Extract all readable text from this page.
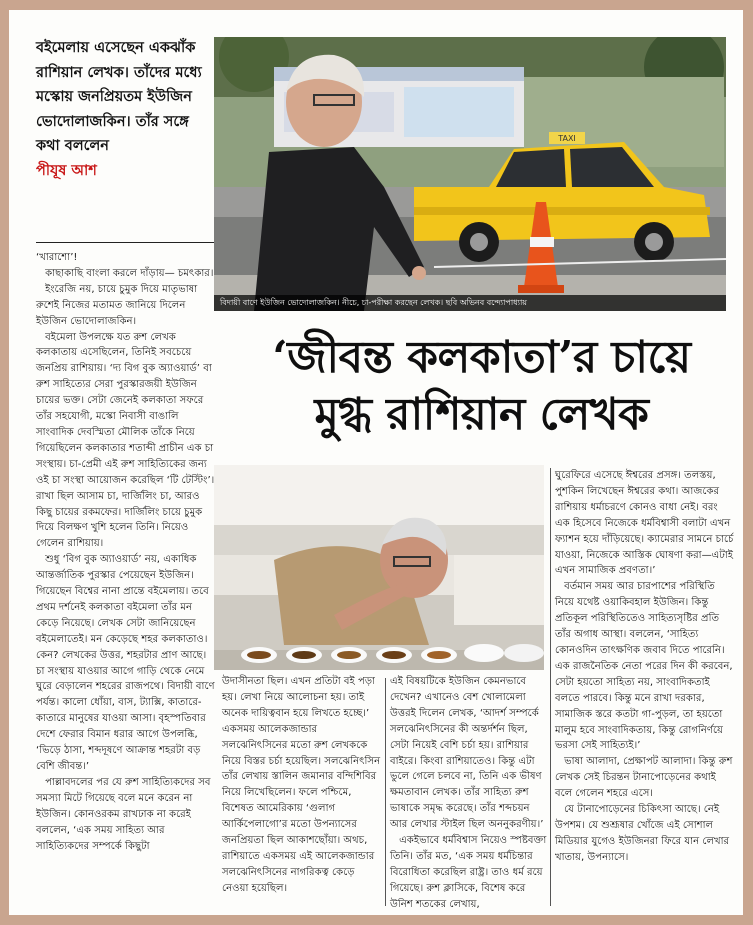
বইমেলায় এসেছেন একঝাঁক রাশিয়ান লেখক। তাঁদের মধ্যে মস্কোয় জনপ্রিয়তম ইউজিন ভোদোলাজকিন। তাঁর সঙ্গে কথা বললেন
পীযূষ আশ

‘খারাশো’!

কাছাকাছি বাংলা করলে দাঁড়ায়— চমৎকার।

ইংরেজি নয়, চায়ে চুমুক দিয়ে মাতৃভাষা রুশেই নিজের মতামত জানিয়ে দিলেন ইউজিন ভোদোলাজকিন।

বইমেলা উপলক্ষে যত রুশ লেখক কলকাতায় এসেছিলেন, তিনিই সবচেয়ে জনপ্রিয় রাশিয়ায়। ‘দ্য বিগ বুক অ্যাওয়ার্ড’ বা রুশ সাহিত্যের সেরা পুরস্কারজয়ী ইউজিন চায়ের ভক্ত। সেটা জেনেই কলকাতা সফরে তাঁর সহযোগী, মস্কো নিবাসী বাঙালি সাংবাদিক দেবস্মিতা মৌলিক তাঁকে নিয়ে গিয়েছিলেন কলকাতার শতাব্দী প্রাচীন এক চা সংস্থায়। চা-প্রেমী এই রুশ সাহিত্যিকের জন্য ওই চা সংস্থা আয়োজন করেছিল ‘টি টেস্টিং’। রাখা ছিল আসাম চা, দার্জিলিং চা, আরও কিছু চায়ের রকমফের। দার্জিলিং চায়ে চুমুক দিয়ে বিলক্ষণ খুশি হলেন তিনি। নিয়েও গেলেন রাশিয়ায়।

শুধু ‘বিগ বুক অ্যাওয়ার্ড’ নয়, একাধিক আন্তর্জাতিক পুরস্কার পেয়েছেন ইউজিন। গিয়েছেন বিশ্বের নানা প্রান্তে বইমেলায়। তবে প্রথম দর্শনেই কলকাতা বইমেলা তাঁর মন কেড়ে নিয়েছে। লেখক সেটা জানিয়েছেন বইমেলাতেই। মন কেড়েছে শহর কলকাতাও। কেন? লেখকের উত্তর, শহরটার প্রাণ আছে। চা সংস্থায় যাওয়ার আগে গাড়ি থেকে নেমে ঘুরে বেড়ালেন শহরের রাজপথে। বিদায়ী বাণে পর্যন্ত। কালো ধোঁয়া, বাস, ট্যাক্সি, কাতারে-কাতারে মানুষের যাওয়া আসা। বৃহস্পতিবার দেশে ফেরার বিমান ধরার আগে উপলব্ধি, ‘ভিড়ে ঠাসা, শব্দদূষণে আক্রান্ত শহরটা বড় বেশি জীবন্ত।’

পাল্লাবদলের পর যে রুশ সাহিত্যিকদের সব সমস্যা মিটে গিয়েছে বলে মনে করেন না ইউজিন। কোনওরকম রাখঢাক না করেই বললেন, ‘এক সময় সাহিত্য আর সাহিত্যিকদের সম্পর্কে কিছুটা

TAXI
বিদায়ী বাণে ইউজিন ভোদোলাজকিন। নীচে, চা-পরীক্ষা করছেন লেখক। ছবি অভিনব বন্দ্যোপাধ্যায়
‘জীবন্ত কলকাতা’র চায়ে
মুগ্ধ রাশিয়ান লেখক

উদাসীনতা ছিল। এখন প্রতিটা বই পড়া হয়। লেখা নিয়ে আলোচনা হয়। তাই অনেক দায়িত্ববান হয়ে লিখতে হচ্ছে।’ একসময় আলেকজান্ডার সলঝেনিৎসিনের মতো রুশ লেখককে নিয়ে বিস্তর চর্চা হয়েছিল। সলঝেনিৎসিন তাঁর লেখায় স্তালিন জমানার বন্দিশিবির নিয়ে লিখেছিলেন। ফলে পশ্চিমে, বিশেষত আমেরিকায় ‘গুলাগ আর্কিপেলাগো’র মতো উপন্যাসের জনপ্রিয়তা ছিল আকাশছোঁয়া। অথচ, রাশিয়াতে একসময় এই আলেকজান্ডার সলঝেনিৎসিনের নাগরিকত্ব কেড়ে নেওয়া হয়েছিল।

এই বিষয়টিকে ইউজিন কেমনভাবে দেখেন? এখানেও বেশ খোলামেলা উত্তরই দিলেন লেখক, ‘আদর্শ সম্পর্কে সলঝেনিৎসিনের কী অন্তর্দর্শন ছিল, সেটা নিয়েই বেশি চর্চা হয়। রাশিয়ার বাইরে। কিংবা রাশিয়াতেও। কিন্তু এটা ভুলে গেলে চলবে না, তিনি এক ভীষণ ক্ষমতাবান লেখক। তাঁর সাহিত্য রুশ ভাষাকে সমৃদ্ধ করেছে। তাঁর শব্দচয়ন আর লেখার স্টাইল ছিল অননুকরণীয়।’

একইভাবে ধর্মবিশ্বাস নিয়েও স্পষ্টবক্তা তিনি। তাঁর মত, ‘এক সময় ধর্মচিন্তার বিরোধিতা করেছিল রাষ্ট্র। তাও ধর্ম রয়ে গিয়েছে। রুশ ক্লাসিকে, বিশেষ করে উনিশ শতকের লেখায়,

ঘুরেফিরে এসেছে ঈশ্বরের প্রসঙ্গ। তলস্তয়, পুশকিন লিখেছেন ঈশ্বরের কথা। আজকের রাশিয়ায় ধর্মাচরণে কোনও বাধা নেই। বরং এক হিসেবে নিজেকে ধর্মবিশ্বাসী বলাটা এখন ফ্যাশন হয়ে দাঁড়িয়েছে। ক্যামেরার সামনে চার্চে যাওয়া, নিজেকে আস্তিক ঘোষণা করা—এটাই এখন সামাজিক প্রবণতা।’

বর্তমান সময় আর চারপাশের পরিস্থিতি নিয়ে যথেষ্ট ওয়াকিবহাল ইউজিন। কিন্তু প্রতিকূল পরিস্থিতিতেও সাহিত্যসৃষ্টির প্রতি তাঁর অগাধ আস্থা। বললেন, ‘সাহিত্য কোনওদিন তাৎক্ষণিক জবাব দিতে পারেনি। এক রাজনৈতিক নেতা পরের দিন কী করবেন, সেটা হয়তো সাহিত্য নয়, সাংবাদিকতাই বলতে পারবে। কিন্তু মনে রাখা দরকার, সামাজিক স্তরে কতটা গা-পুড়ল, তা হয়তো মালুম হবে সাংবাদিকতায়, কিন্তু রোগনির্ণয়ে ভরসা সেই সাহিত্যই।’

ভাষা আলাদা, প্রেক্ষাপট আলাদা। কিন্তু রুশ লেখক সেই চিরন্তন টানাপোড়েনের কথাই বলে গেলেন শহরে এসে।

যে টানাপোড়েনের চিকিৎসা আছে। নেই উপশম। যে শুশ্রূষার খোঁজে এই সোশাল মিডিয়ার যুগেও ইউজিনরা ফিরে যান লেখার খাতায়, উপন্যাসে।
